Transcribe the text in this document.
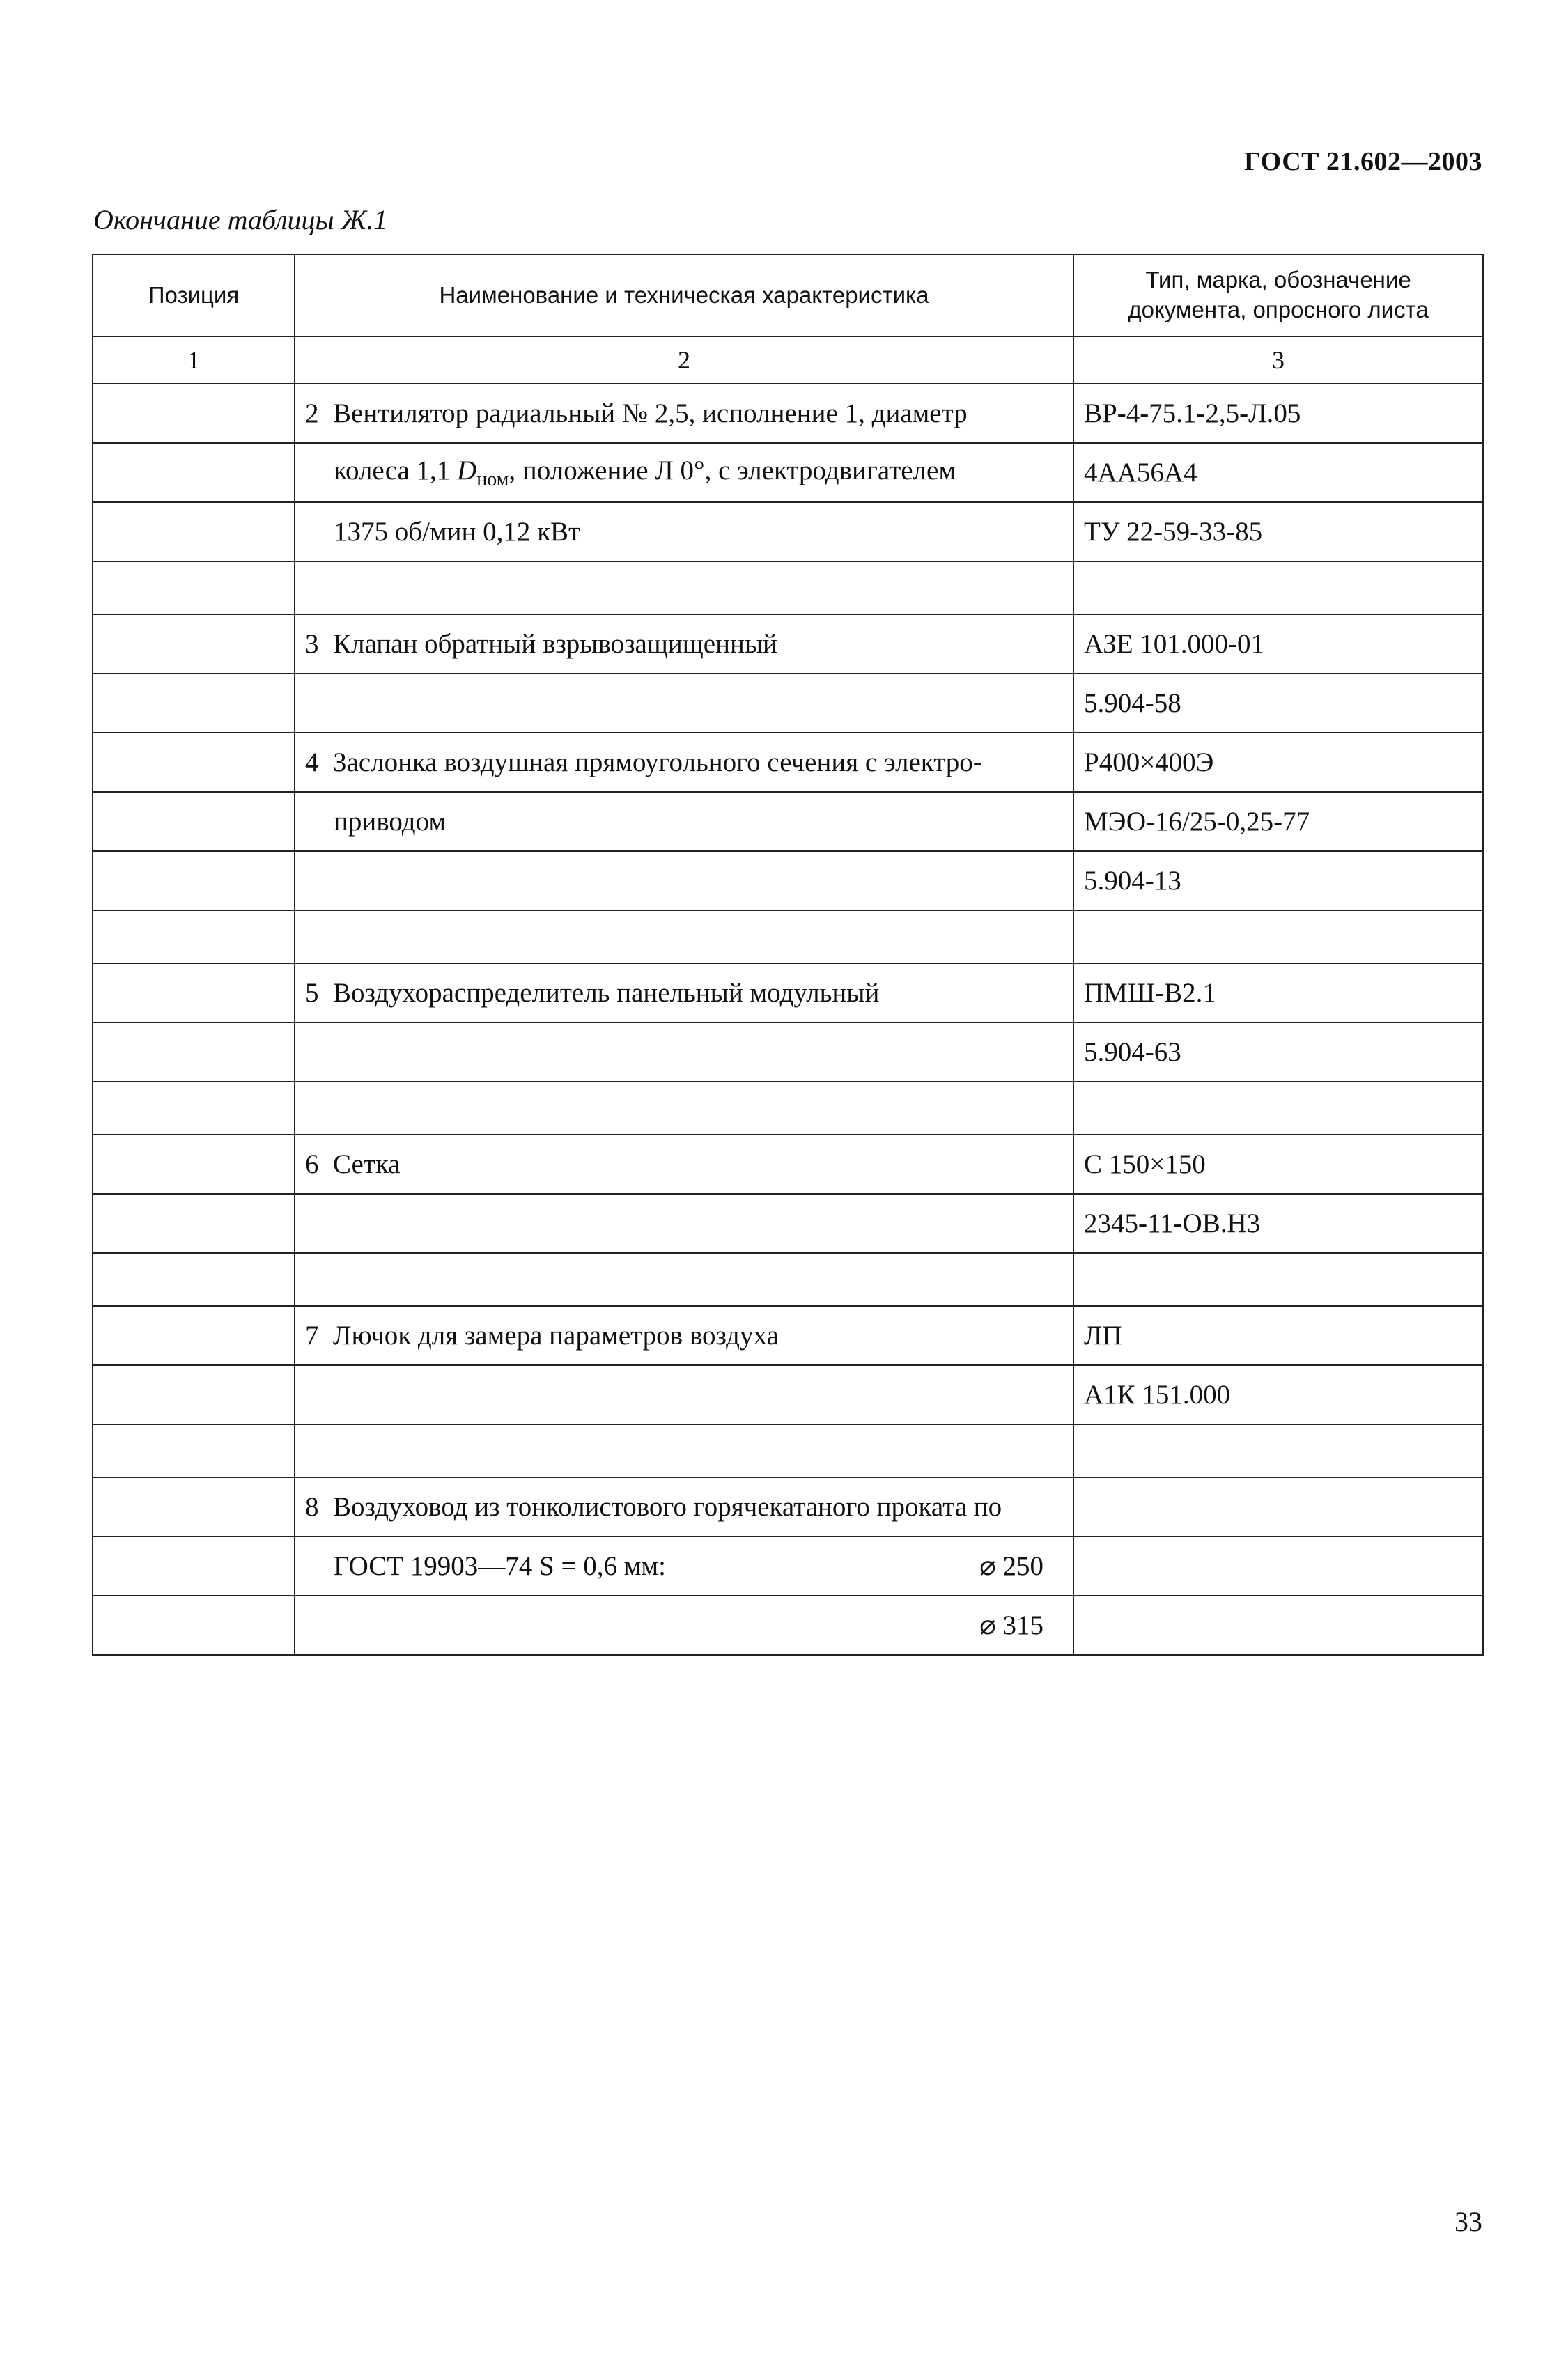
ГОСТ 21.602—2003
Окончание таблицы Ж.1
Позиция	Наименование и техническая характеристика	Тип, марка, обозначение документа, опросного листа
1	2	3
	2 Вентилятор радиальный № 2,5, исполнение 1, диаметр	ВР-4-75.1-2,5-Л.05
	колеса 1,1 $D_{ном}$, положение Л 0°, с электродвигателем	4АА56А4
	1375 об/мин 0,12 кВт	ТУ 22-59-33-85

	3 Клапан обратный взрывозащищенный	АЗЕ 101.000-01
		5.904-58
	4 Заслонка воздушная прямоугольного сечения с электро-	Р400×400Э
	приводом	МЭО-16/25-0,25-77
		5.904-13

	5 Воздухораспределитель панельный модульный	ПМШ-В2.1
		5.904-63

	6 Сетка	С 150×150
		2345-11-ОВ.Н3

	7 Лючок для замера параметров воздуха	ЛП
		А1К 151.000

	8 Воздуховод из тонколистового горячекатаного проката по	

	ГОСТ 19903—74 S = 0,6 мм: ⌀ 250	

	⌀ 315	
33
